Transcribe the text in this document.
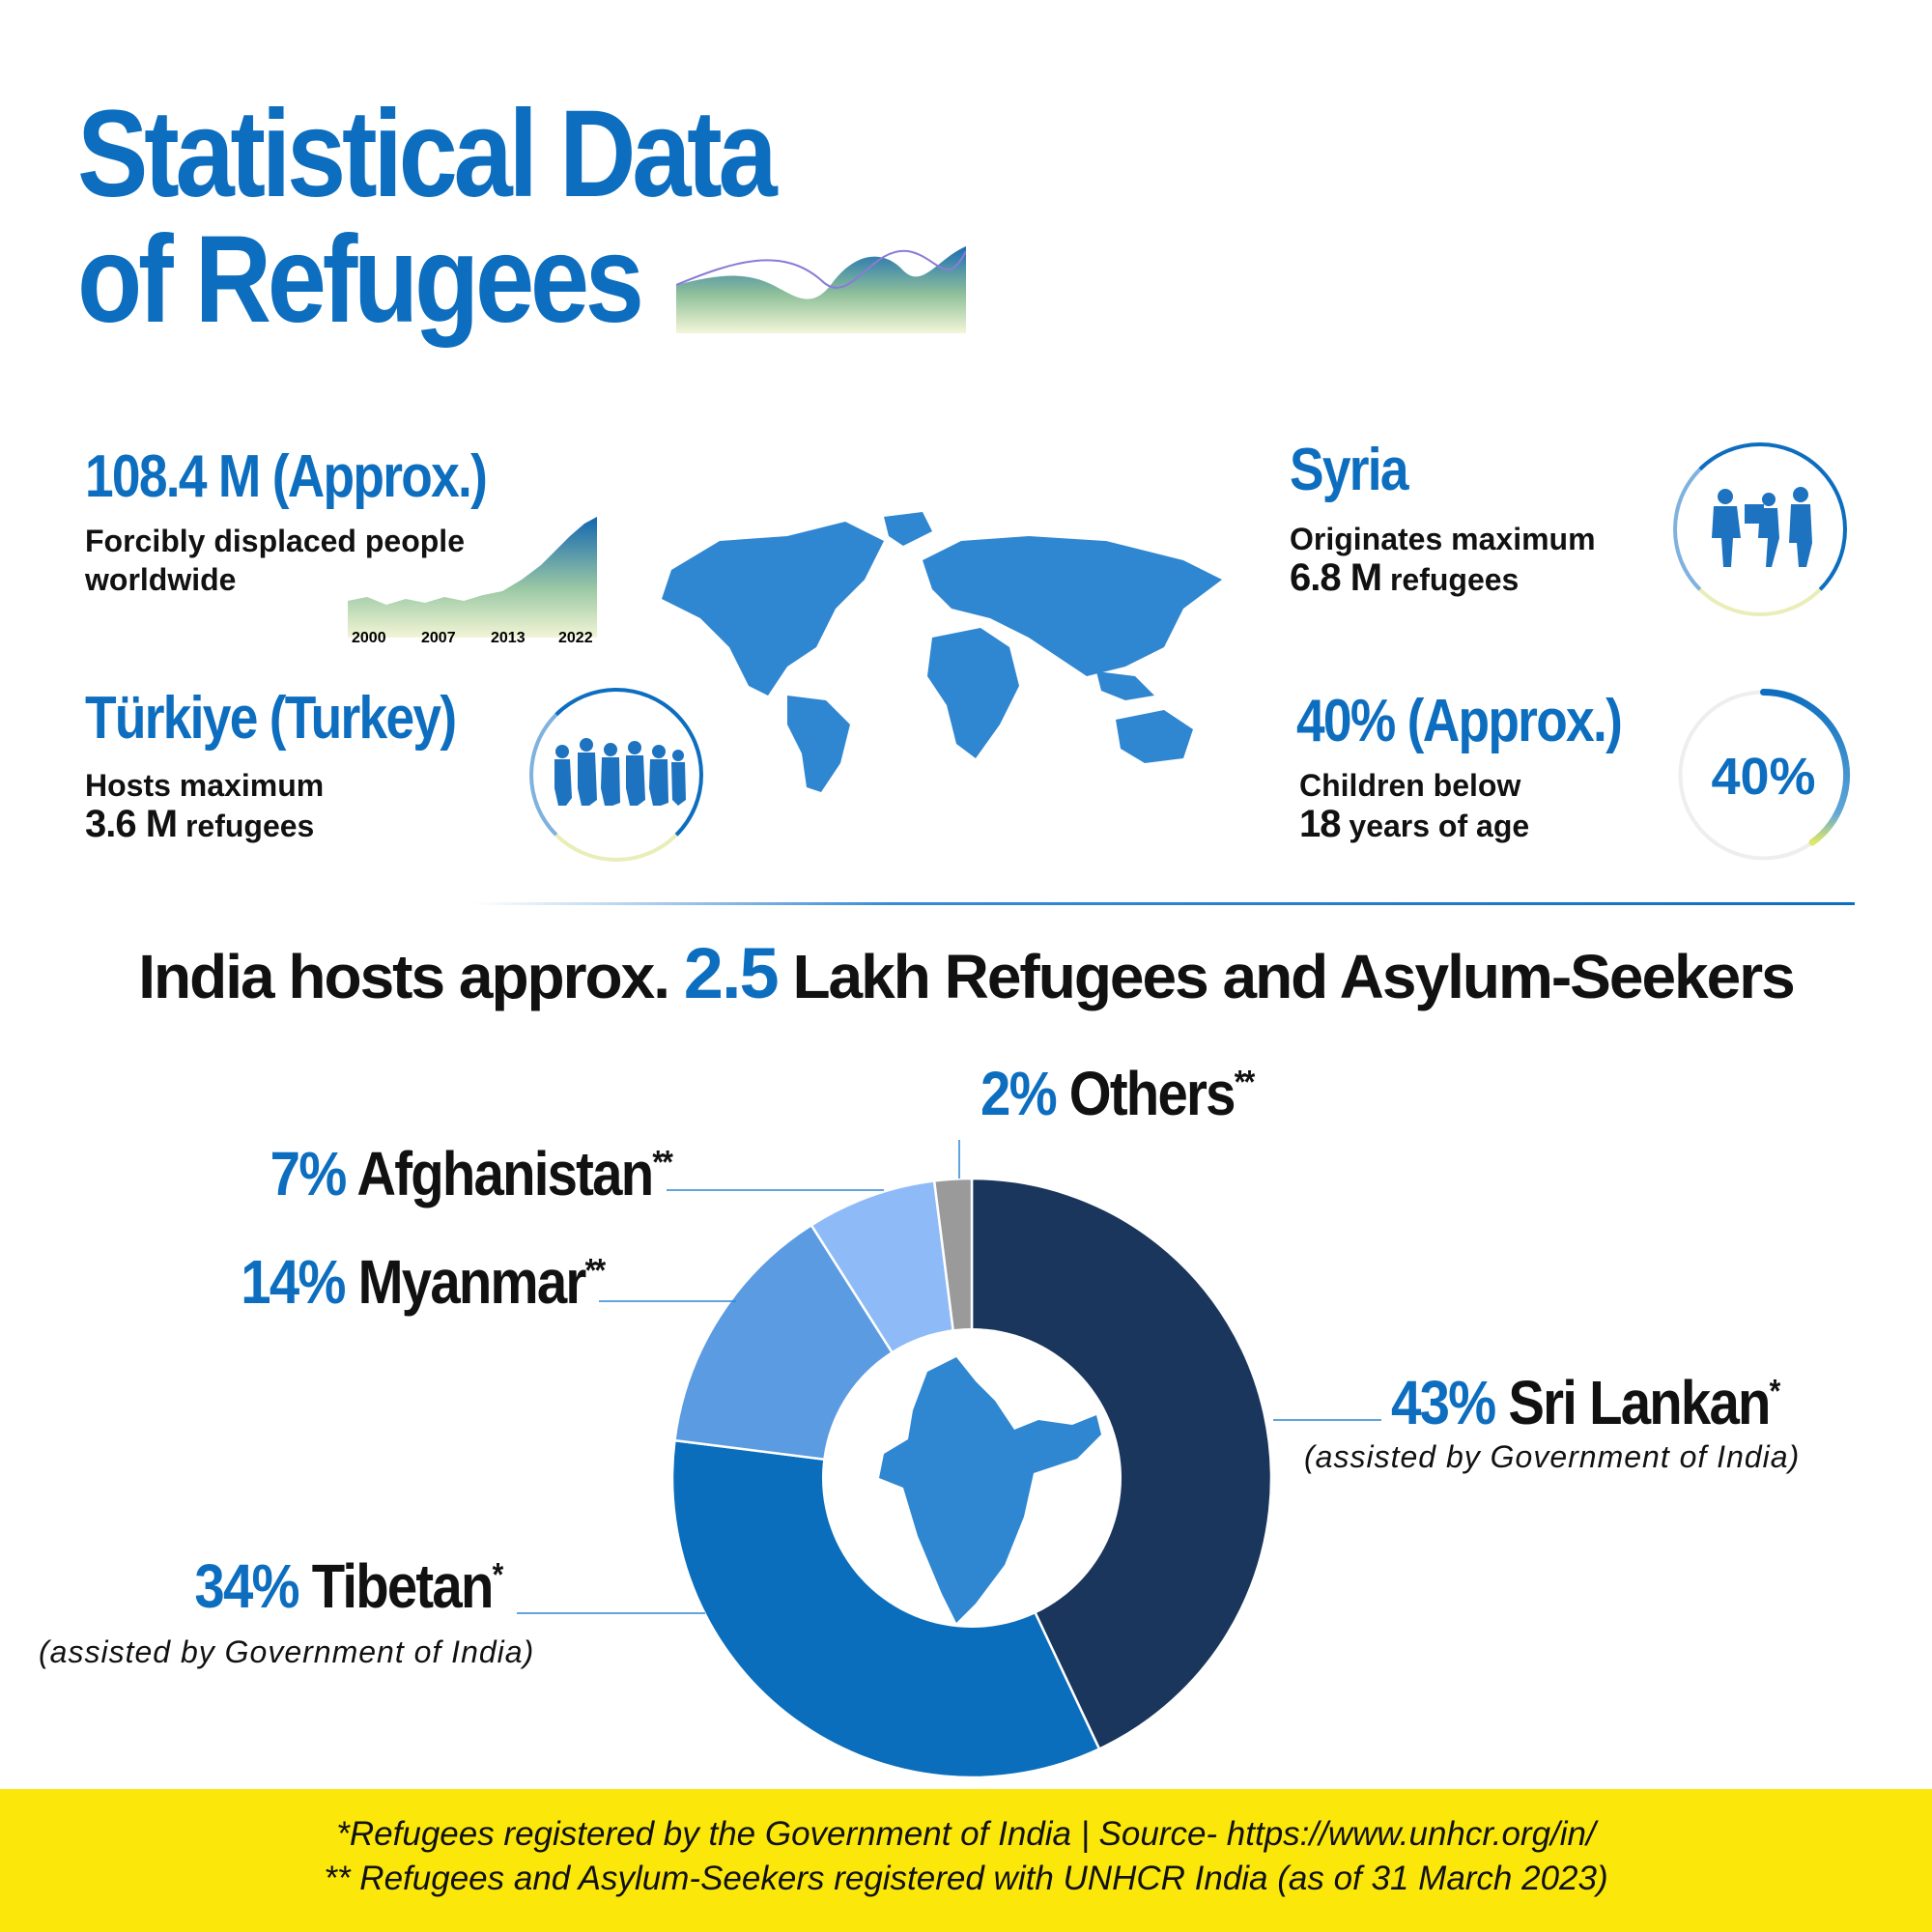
Statistical Data
of Refugees
108.4 M (Approx.)
Forcibly displaced people
worldwide
2000 2007 2013 2022
Syria
Originates maximum
6.8 M refugees
Türkiye (Turkey)
Hosts maximum
3.6 M refugees
40% (Approx.)
Children below
18 years of age
40%
India hosts approx. 2.5 Lakh Refugees and Asylum-Seekers
43% Sri Lankan*
(assisted by Government of India)
34% Tibetan*
(assisted by Government of India)
14% Myanmar**
7% Afghanistan**
2% Others**
*Refugees registered by the Government of India | Source- https://www.unhcr.org/in/
** Refugees and Asylum-Seekers registered with UNHCR India (as of 31 March 2023)
